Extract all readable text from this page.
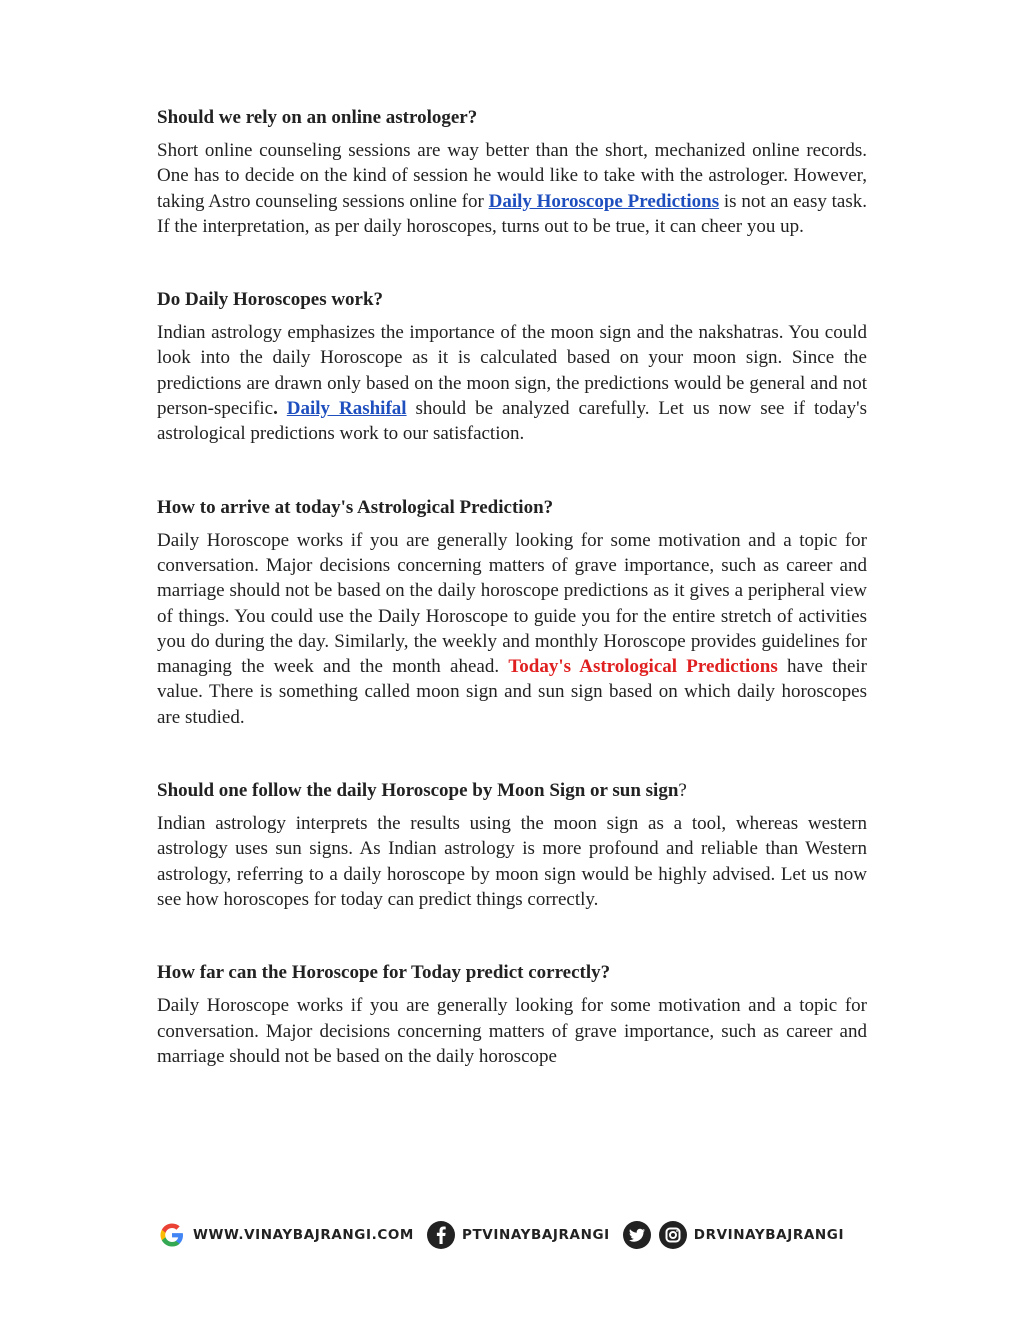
Should we rely on an online astrologer?

Short online counseling sessions are way better than the short, mechanized online records. One has to decide on the kind of session he would like to take with the astrologer. However, taking Astro counseling sessions online for Daily Horoscope Predictions is not an easy task. If the interpretation, as per daily horoscopes, turns out to be true, it can cheer you up.

Do Daily Horoscopes work?

Indian astrology emphasizes the importance of the moon sign and the nakshatras. You could look into the daily Horoscope as it is calculated based on your moon sign. Since the predictions are drawn only based on the moon sign, the predictions would be general and not person-specific. Daily Rashifal should be analyzed carefully. Let us now see if today's astrological predictions work to our satisfaction.

How to arrive at today's Astrological Prediction?

Daily Horoscope works if you are generally looking for some motivation and a topic for conversation. Major decisions concerning matters of grave importance, such as career and marriage should not be based on the daily horoscope predictions as it gives a peripheral view of things. You could use the Daily Horoscope to guide you for the entire stretch of activities you do during the day. Similarly, the weekly and monthly Horoscope provides guidelines for managing the week and the month ahead. Today's Astrological Predictions have their value. There is something called moon sign and sun sign based on which daily horoscopes are studied.

Should one follow the daily Horoscope by Moon Sign or sun sign?

Indian astrology interprets the results using the moon sign as a tool, whereas western astrology uses sun signs. As Indian astrology is more profound and reliable than Western astrology, referring to a daily horoscope by moon sign would be highly advised. Let us now see how horoscopes for today can predict things correctly.

How far can the Horoscope for Today predict correctly?

Daily Horoscope works if you are generally looking for some motivation and a topic for conversation. Major decisions concerning matters of grave importance, such as career and marriage should not be based on the daily horoscope

WWW.VINAYBAJRANGI.COM	PTVINAYBAJRANGI	DRVINAYBAJRANGI
